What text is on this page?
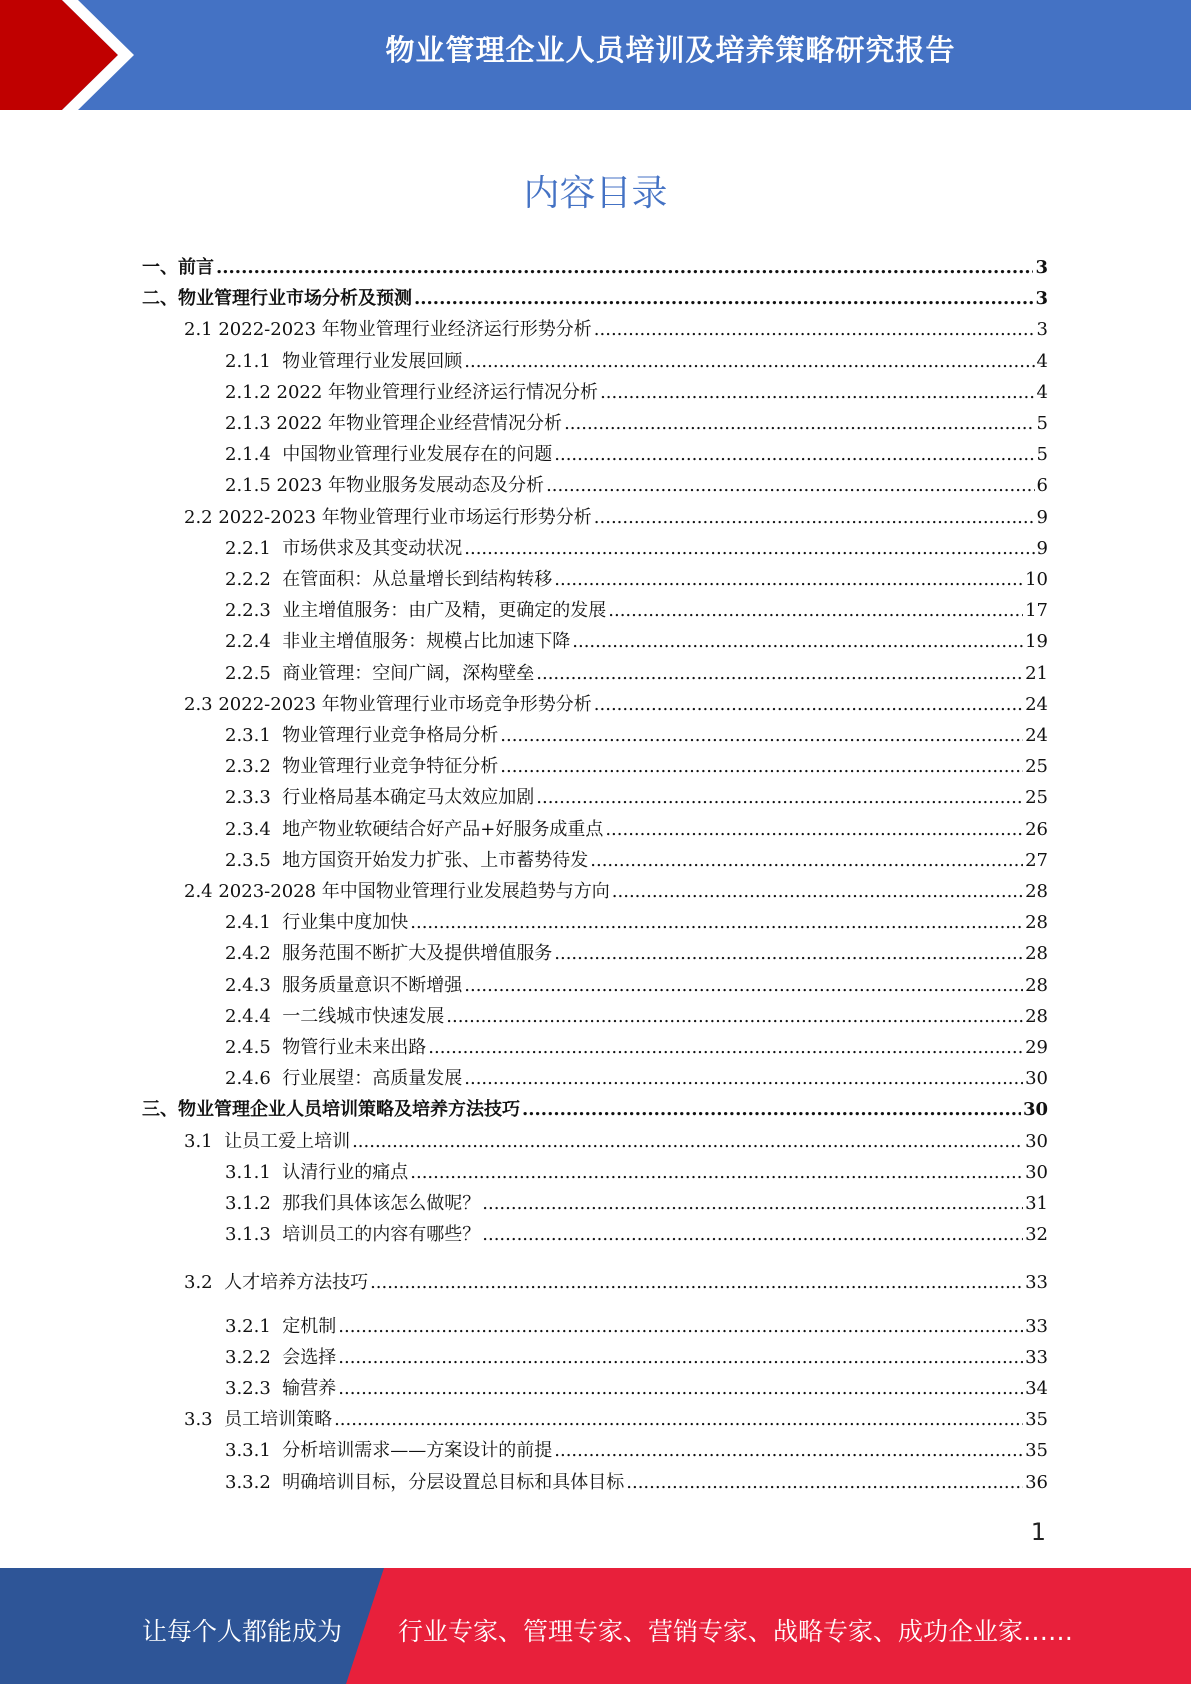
物业管理企业人员培训及培养策略研究报告
内容目录
一、前言 .....	3
二、物业管理行业市场分析及预测 .....	3
2.1 2022-2023 年物业管理行业经济运行形势分析 .....	3
2.1.1  物业管理行业发展回顾 .....	4
2.1.2 2022 年物业管理行业经济运行情况分析 .....	4
2.1.3 2022 年物业管理企业经营情况分析 .....	5
2.1.4  中国物业管理行业发展存在的问题 .....	5
2.1.5 2023 年物业服务发展动态及分析 .....	6
2.2 2022-2023 年物业管理行业市场运行形势分析 .....	9
2.2.1  市场供求及其变动状况 .....	9
2.2.2  在管面积：从总量增长到结构转移 .....	10
2.2.3  业主增值服务：由广及精，更确定的发展 .....	17
2.2.4  非业主增值服务：规模占比加速下降 .....	19
2.2.5  商业管理：空间广阔，深构壁垒 .....	21
2.3 2022-2023 年物业管理行业市场竞争形势分析 .....	24
2.3.1  物业管理行业竞争格局分析 .....	24
2.3.2  物业管理行业竞争特征分析 .....	25
2.3.3  行业格局基本确定马太效应加剧 .....	25
2.3.4  地产物业软硬结合好产品+好服务成重点 .....	26
2.3.5  地方国资开始发力扩张、上市蓄势待发 .....	27
2.4 2023-2028 年中国物业管理行业发展趋势与方向 .....	28
2.4.1  行业集中度加快 .....	28
2.4.2  服务范围不断扩大及提供增值服务 .....	28
2.4.3  服务质量意识不断增强 .....	28
2.4.4  一二线城市快速发展 .....	28
2.4.5  物管行业未来出路 .....	29
2.4.6  行业展望：高质量发展 .....	30
三、物业管理企业人员培训策略及培养方法技巧 .....	30
3.1  让员工爱上培训 .....	30
3.1.1  认清行业的痛点 .....	30
3.1.2  那我们具体该怎么做呢？ .....	31
3.1.3  培训员工的内容有哪些？ .....	32
3.2  人才培养方法技巧 .....	33
3.2.1  定机制 .....	33
3.2.2  会选择 .....	33
3.2.3  输营养 .....	34
3.3  员工培训策略 .....	35
3.3.1  分析培训需求——方案设计的前提 .....	35
3.3.2  明确培训目标，分层设置总目标和具体目标 .....	36
1
让每个人都能成为 行业专家、管理专家、营销专家、战略专家、成功企业家……
